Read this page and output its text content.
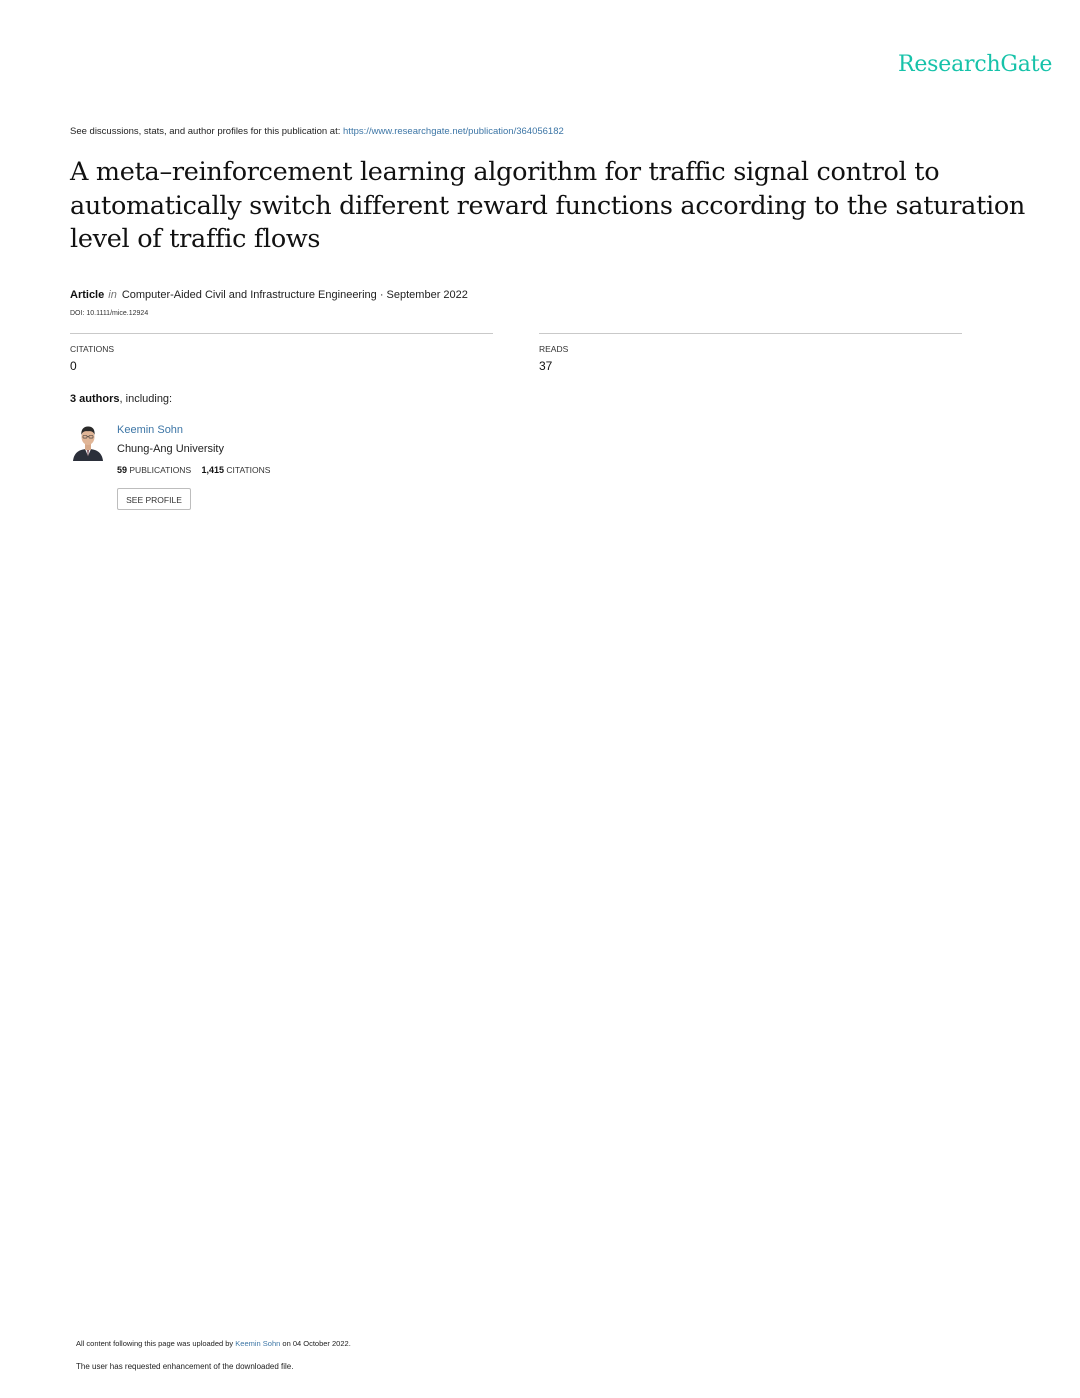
ResearchGate
See discussions, stats, and author profiles for this publication at: https://www.researchgate.net/publication/364056182
A meta–reinforcement learning algorithm for traffic signal control to automatically switch different reward functions according to the saturation level of traffic flows
Article in Computer-Aided Civil and Infrastructure Engineering · September 2022
DOI: 10.1111/mice.12924
CITATIONS
0
READS
37
3 authors, including:
Keemin Sohn
Chung-Ang University
59 PUBLICATIONS 1,415 CITATIONS
SEE PROFILE
All content following this page was uploaded by Keemin Sohn on 04 October 2022.
The user has requested enhancement of the downloaded file.
